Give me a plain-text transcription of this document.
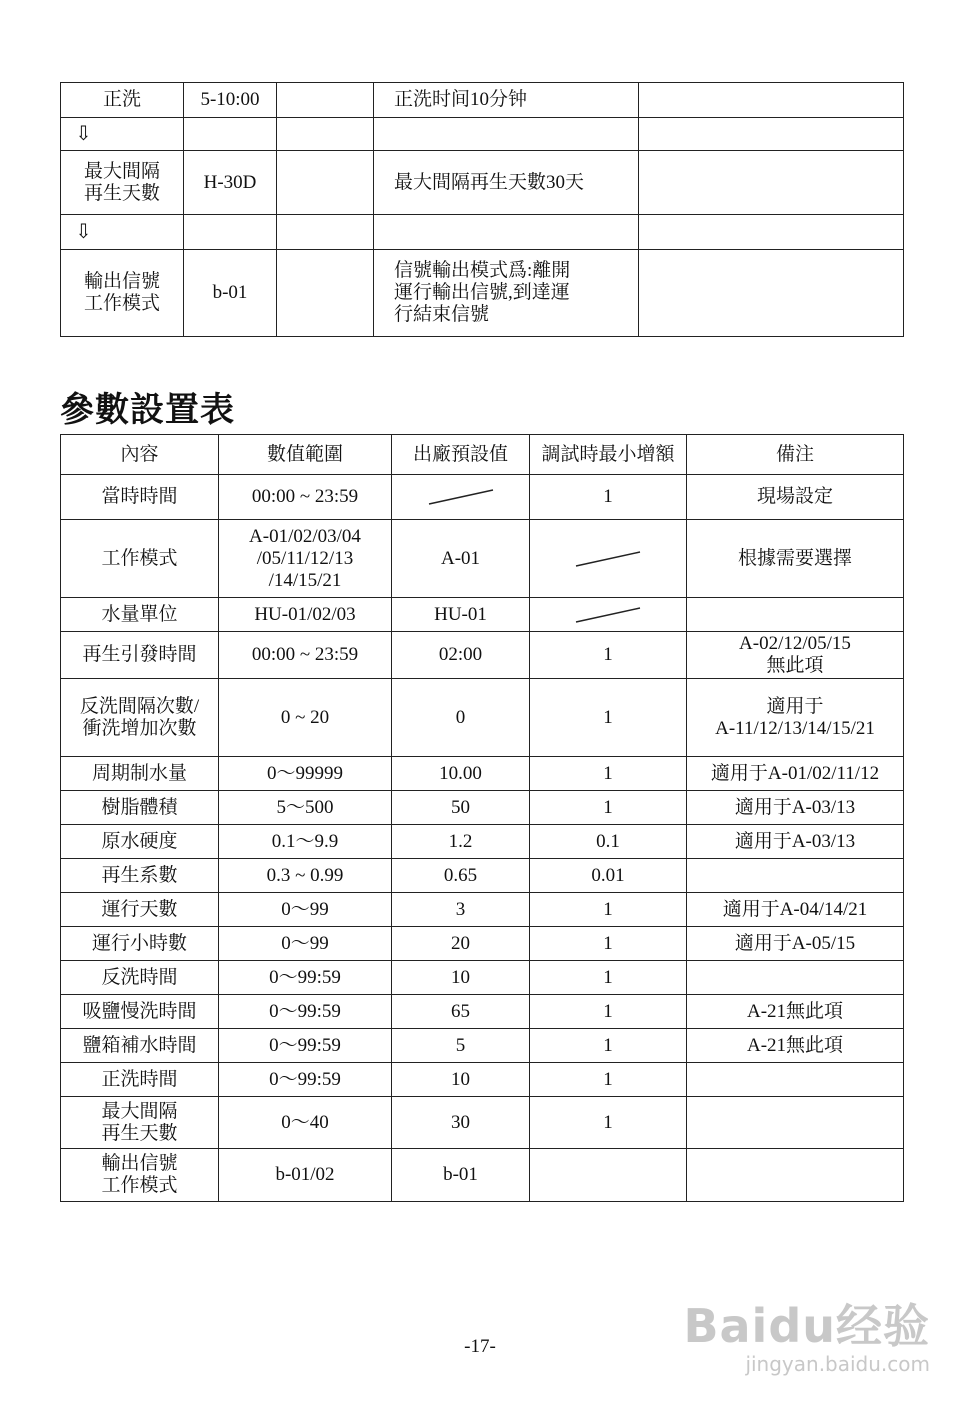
正洗	5-10:00		正洗时间10分钟	
⇩				
最大間隔
再生天數	H-30D		最大間隔再生天數30天	
⇩				
輸出信號
工作模式	b-01		信號輸出模式爲:離開
運行輸出信號,到達運
行結束信號	
參數設置表
內容	數值範圍	出廠預設值	調試時最小增額	備注
當時時間	00:00 ~ 23:59		1	現場設定
工作模式	A-01/02/03/04
/05/11/12/13
/14/15/21	A-01		根據需要選擇
水量單位	HU-01/02/03	HU-01	

再生引發時間	00:00 ~ 23:59	02:00	1	A-02/12/05/15
無此項
反洗間隔次數/
衝洗增加次數	0 ~ 20	0	1	適用于
A-11/12/13/14/15/21
周期制水量	0～99999	10.00	1	適用于A-01/02/11/12
樹脂體積	5～500	50	1	適用于A-03/13
原水硬度	0.1～9.9	1.2	0.1	適用于A-03/13
再生系數	0.3 ~ 0.99	0.65	0.01	
運行天數	0～99	3	1	適用于A-04/14/21
運行小時數	0～99	20	1	適用于A-05/15
反洗時間	0～99:59	10	1	
吸鹽慢洗時間	0～99:59	65	1	A-21無此項
鹽箱補水時間	0～99:59	5	1	A-21無此項
正洗時間	0～99:59	10	1	
最大間隔
再生天數	0～40	30	1	
輸出信號
工作模式	b-01/02	b-01		
-17-	Baidu经验
jingyan.baidu.com
